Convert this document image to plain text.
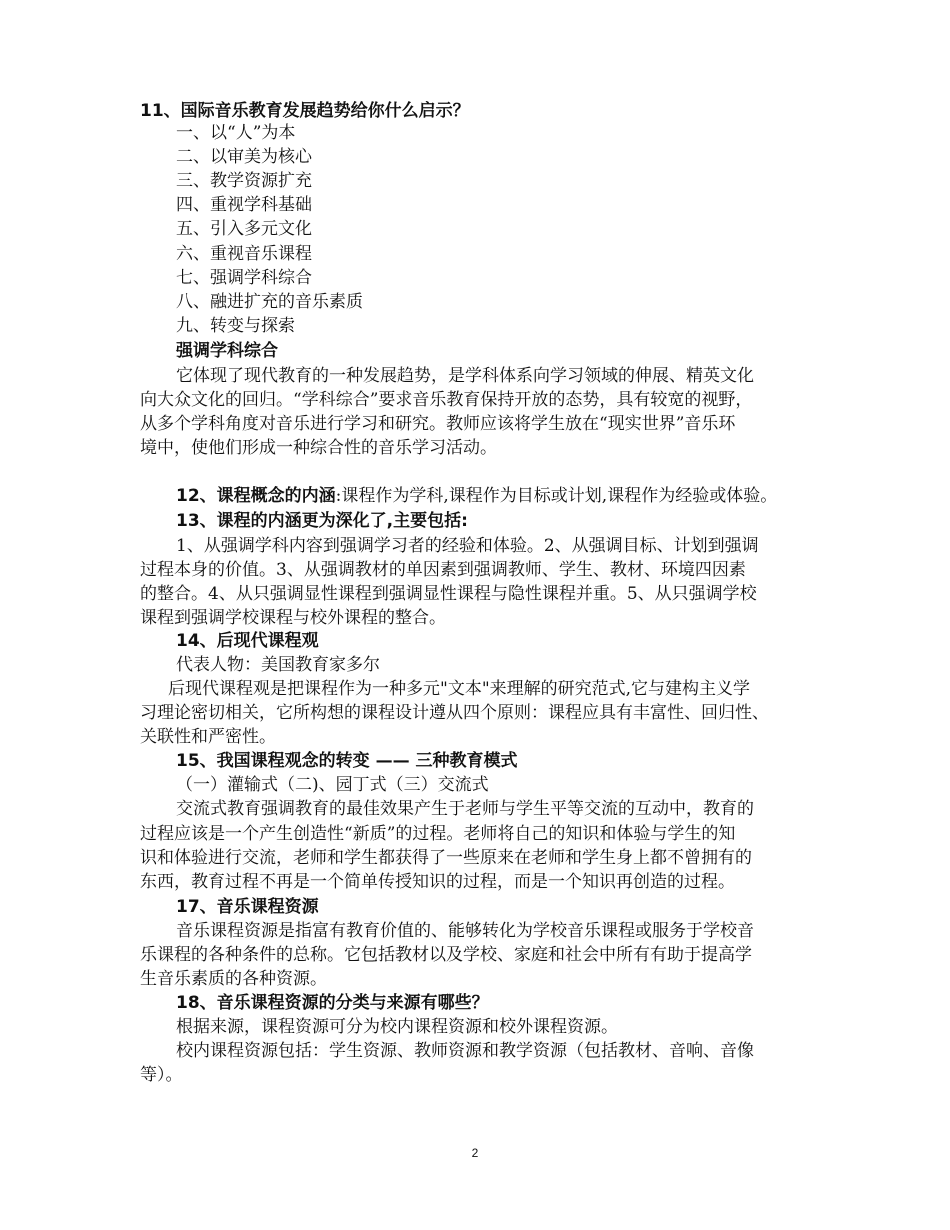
11、国际音乐教育发展趋势给你什么启示？
一、以“人”为本
二、以审美为核心
三、教学资源扩充
四、重视学科基础
五、引入多元文化
六、重视音乐课程
七、强调学科综合
八、融进扩充的音乐素质
九、转变与探索
强调学科综合
它体现了现代教育的一种发展趋势，是学科体系向学习领域的伸展、精英文化
向大众文化的回归。“学科综合”要求音乐教育保持开放的态势，具有较宽的视野，
从多个学科角度对音乐进行学习和研究。教师应该将学生放在“现实世界”音乐环
境中，使他们形成一种综合性的音乐学习活动。
12、课程概念的内涵:课程作为学科,课程作为目标或计划,课程作为经验或体验。
13、课程的内涵更为深化了,主要包括:
1、从强调学科内容到强调学习者的经验和体验。2、从强调目标、计划到强调
过程本身的价值。3、从强调教材的单因素到强调教师、学生、教材、环境四因素
的整合。4、从只强调显性课程到强调显性课程与隐性课程并重。5、从只强调学校
课程到强调学校课程与校外课程的整合。
14、后现代课程观
代表人物：美国教育家多尔
后现代课程观是把课程作为一种多元"文本"来理解的研究范式,它与建构主义学
习理论密切相关，它所构想的课程设计遵从四个原则：课程应具有丰富性、回归性、
关联性和严密性。
15、我国课程观念的转变 —— 三种教育模式
（一）灌输式（二)、园丁式（三）交流式
交流式教育强调教育的最佳效果产生于老师与学生平等交流的互动中，教育的
过程应该是一个产生创造性“新质”的过程。老师将自己的知识和体验与学生的知
识和体验进行交流，老师和学生都获得了一些原来在老师和学生身上都不曾拥有的
东西，教育过程不再是一个简单传授知识的过程，而是一个知识再创造的过程。
17、音乐课程资源
音乐课程资源是指富有教育价值的、能够转化为学校音乐课程或服务于学校音
乐课程的各种条件的总称。它包括教材以及学校、家庭和社会中所有有助于提高学
生音乐素质的各种资源。
18、音乐课程资源的分类与来源有哪些？
根据来源，课程资源可分为校内课程资源和校外课程资源。
校内课程资源包括：学生资源、教师资源和教学资源（包括教材、音响、音像
等）。
2
